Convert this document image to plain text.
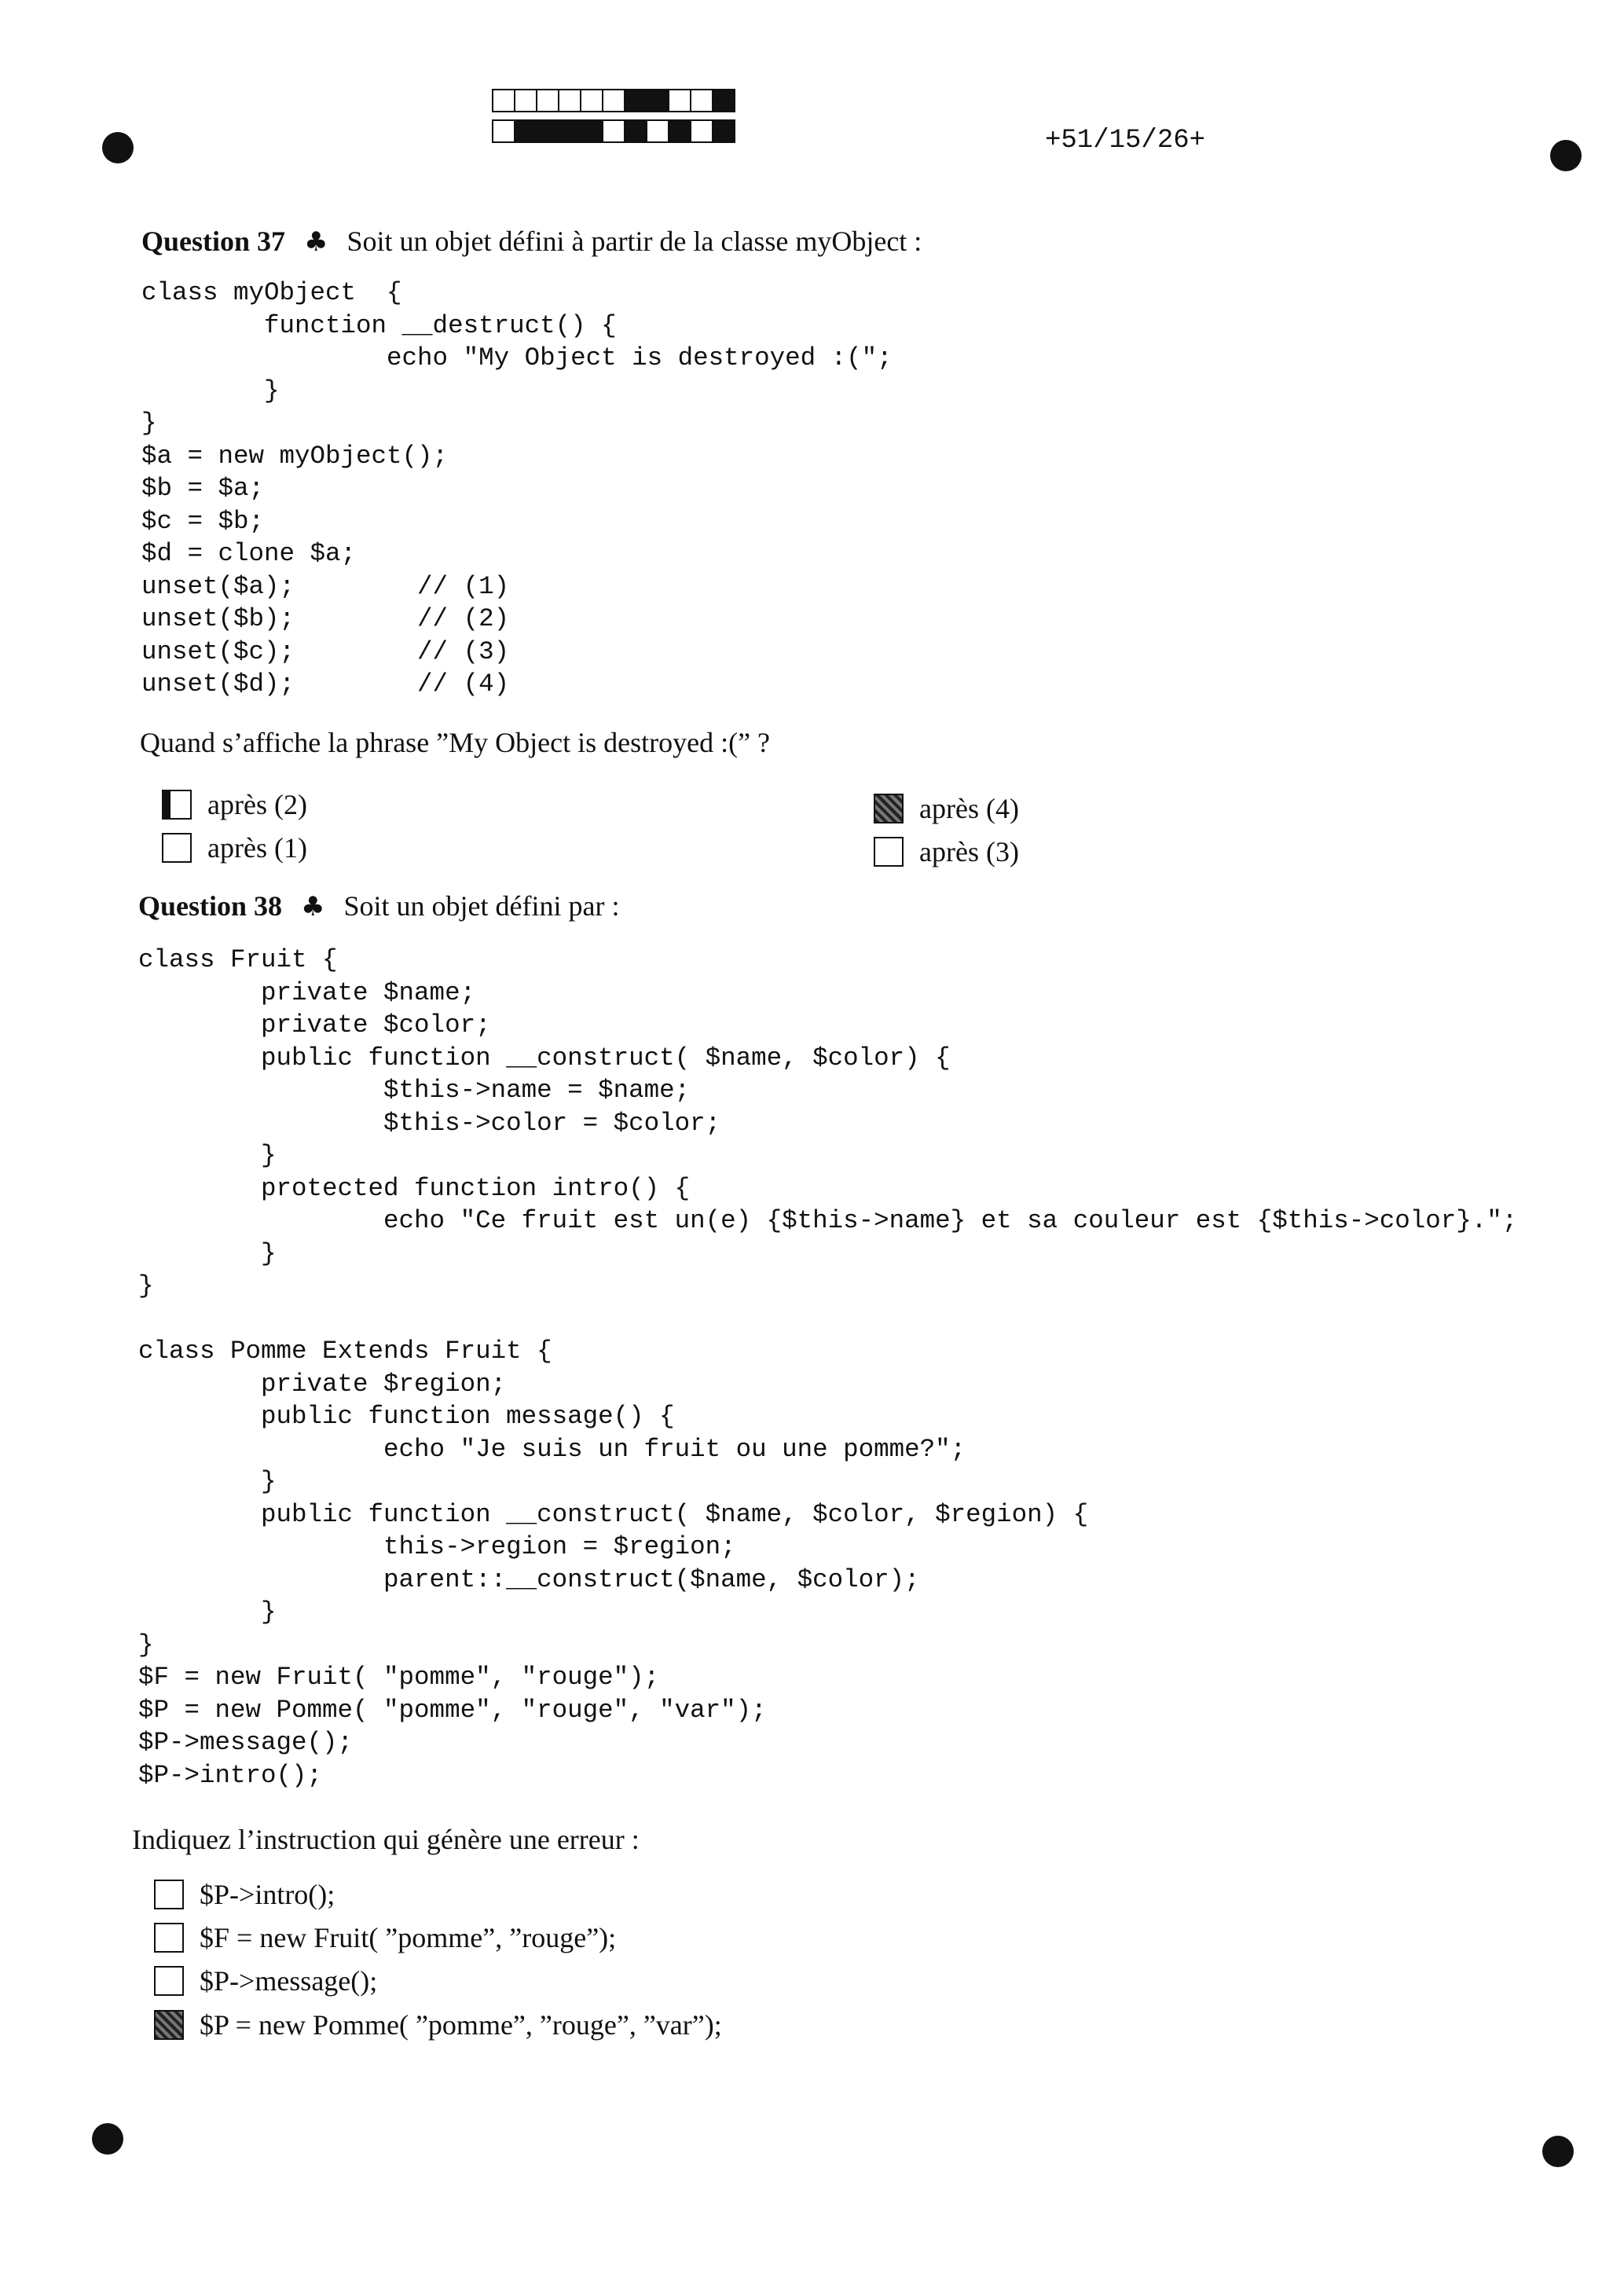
+51/15/26+
Question 37 ♣ Soit un objet défini à partir de la classe myObject :
class myObject  {
function __destruct() {
echo "My Object is destroyed :(";
}
}
$a = new myObject();
$b = $a;
$c = $b;
$d = clone $a;
unset($a);        // (1)
unset($b);        // (2)
unset($c);        // (3)
unset($d);        // (4)
Quand s’affiche la phrase ”My Object is destroyed :(” ?
après (2)
après (1)
après (4)
après (3)
Question 38 ♣ Soit un objet défini par :
class Fruit {
private $name;
private $color;
public function __construct( $name, $color) {
$this->name = $name;
$this->color = $color;
}
protected function intro() {
echo "Ce fruit est un(e) {$this->name} et sa couleur est {$this->color}.";
}
}

class Pomme Extends Fruit {
private $region;
public function message() {
echo "Je suis un fruit ou une pomme?";
}
public function __construct( $name, $color, $region) {
this->region = $region;
parent::__construct($name, $color);
}
}
$F = new Fruit( "pomme", "rouge");
$P = new Pomme( "pomme", "rouge", "var");
$P->message();
$P->intro();
Indiquez l’instruction qui génère une erreur :
$P->intro();
$F = new Fruit( ”pomme”, ”rouge”);
$P->message();
$P = new Pomme( ”pomme”, ”rouge”, ”var”);
